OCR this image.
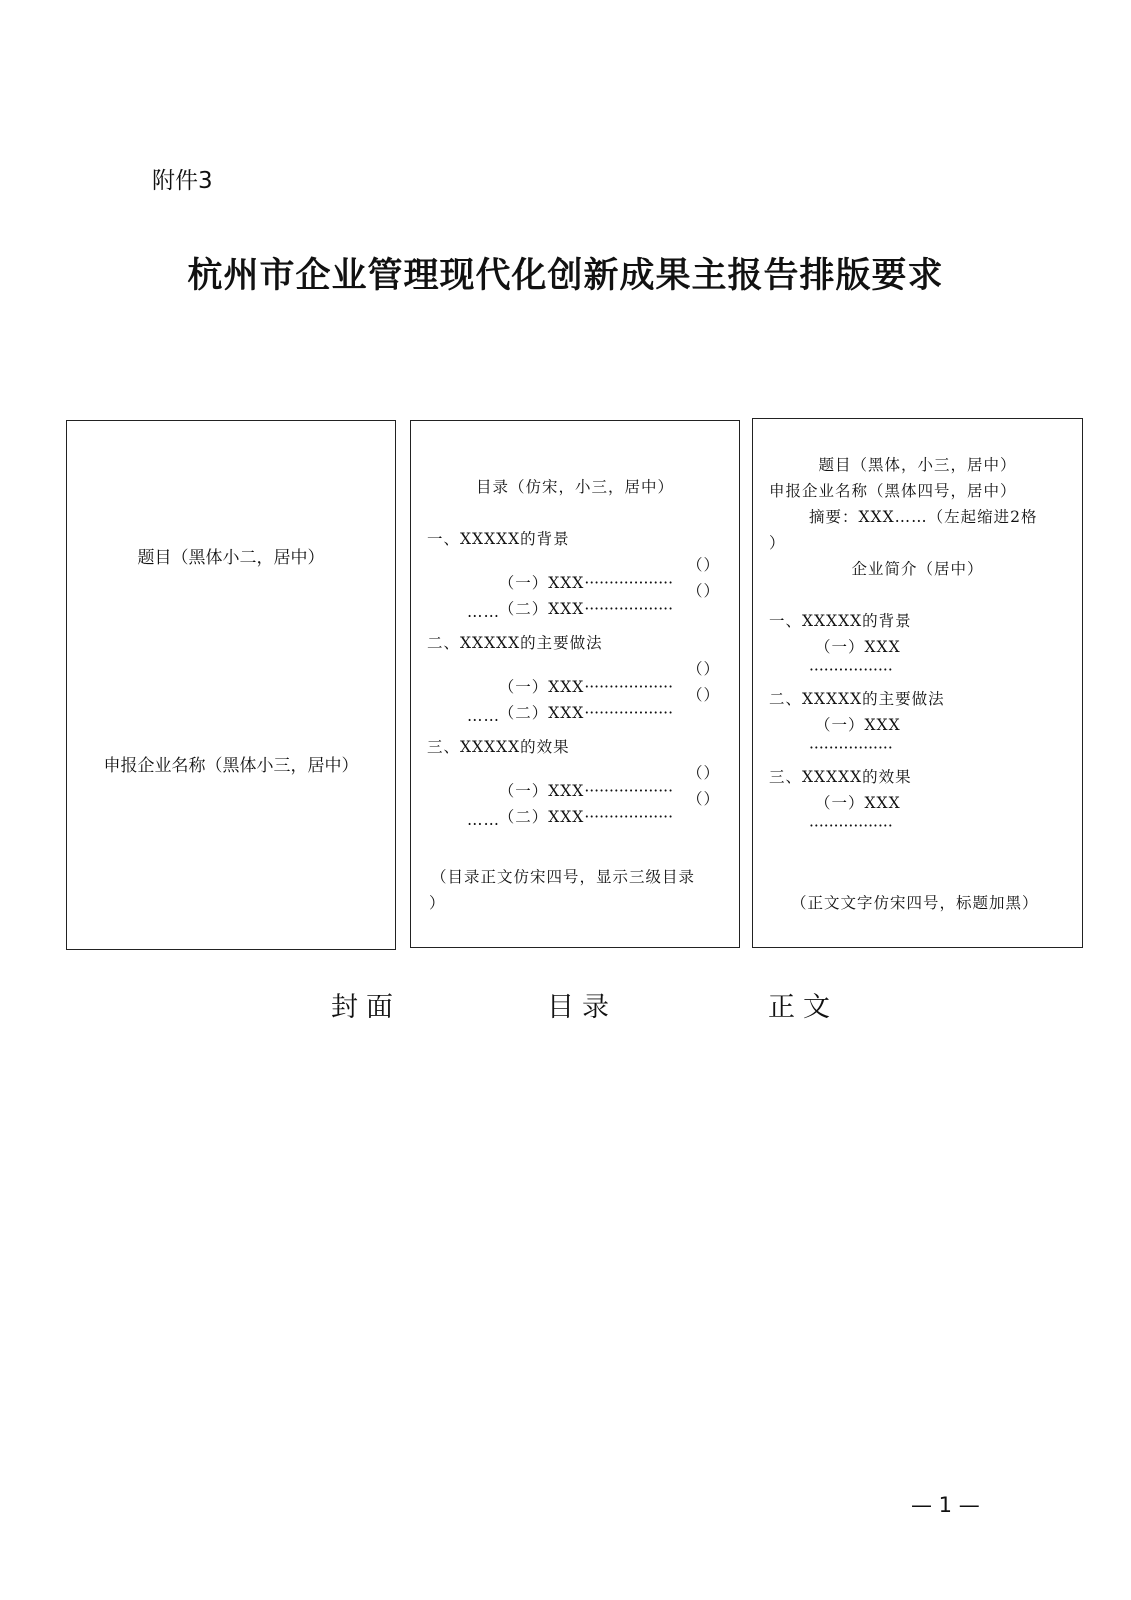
附件3
杭州市企业管理现代化创新成果主报告排版要求
题目（黑体小二，居中）
申报企业名称（黑体小三，居中）
目录（仿宋，小三，居中）
一、XXXXX的背景

（一）XXX··················

（）

（二）XXX··················

（）
……
二、XXXXX的主要做法

（一）XXX··················

（）

（二）XXX··················

（）
……
三、XXXXX的效果

（一）XXX··················

（）

（二）XXX··················

（）
……
（目录正文仿宋四号，显示三级目录
）
题目（黑体，小三，居中）
申报企业名称（黑体四号，居中）
摘要：XXX……（左起缩进2格
）
企业简介（居中）
一、XXXXX的背景
（一）XXX
·················
二、XXXXX的主要做法
（一）XXX
·················
三、XXXXX的效果
（一）XXX
·················
（正文文字仿宋四号，标题加黑）
封面	目录	正文
— 1 —
